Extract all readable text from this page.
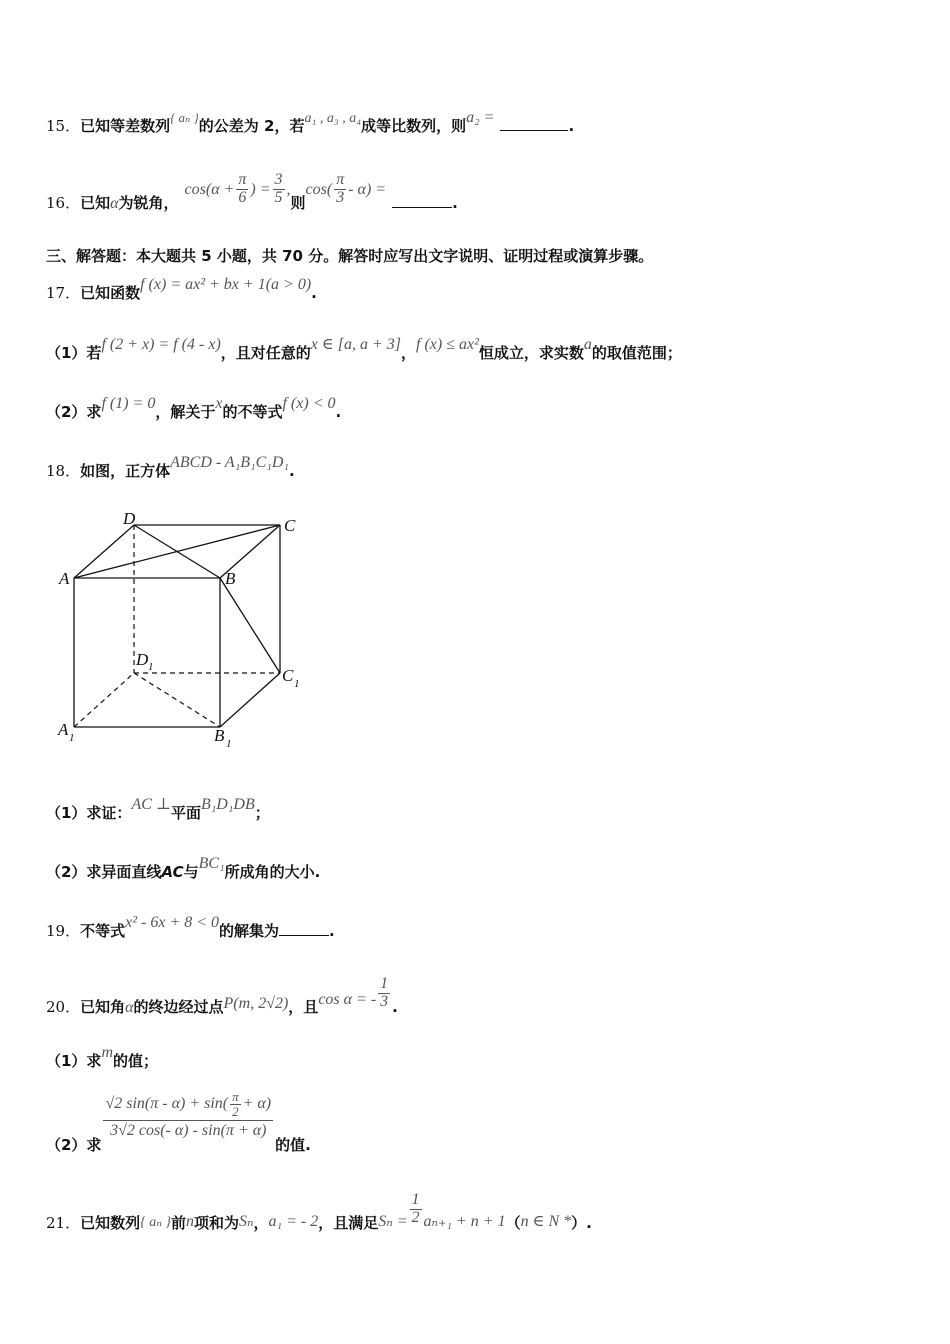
15．已知等差数列{ aₙ }的公差为 2，若a₁ , a₃ , a₄成等比数列，则a₂ =	.
16．已知α为锐角，$\cos(\alpha + \frac{\pi}{6}$ ) = $\frac{3}{5}$ ,则$\cos( \frac{\pi}{3} - \alpha)$ =.
三、解答题：本大题共 5 小题，共 70 分。解答时应写出文字说明、证明过程或演算步骤。
17．已知函数f (x) = ax² + bx + 1(a > 0).
（1）若f (2 + x) = f (4 - x)，且对任意的x ∈ [a, a + 3]，f (x) ≤ ax²恒成立，求实数a的取值范围；
（2）求f (1) = 0，解关于x的不等式f (x) < 0.
18．如图，正方体ABCD - A₁B₁C₁D₁.
D	C
A	B
D 1	C 1
A 1	B 1
（1）求证：AC ⊥平面B₁D₁DB；
（2）求异面直线AC与BC₁所成角的大小.
19．不等式x² - 6x + 8 < 0的解集为	.
20．已知角α的终边经过点P(m, 2√2)，且cos α = - $\frac{1}{3}$ .
（1）求m的值；
（2）求
$\frac{√2 \sin(\pi - \alpha) + \sin( \frac{\pi}{2} + \alpha)}{3√2 \cos(- \alpha) - \sin(\pi + \alpha)}$
的值.
21．已知数列{ aₙ }前n项和为Sₙ，a₁ = - 2，且满足$S_n = \frac{1}{2} a_{n+1} + n + 1(n$ ∈ N *）.
